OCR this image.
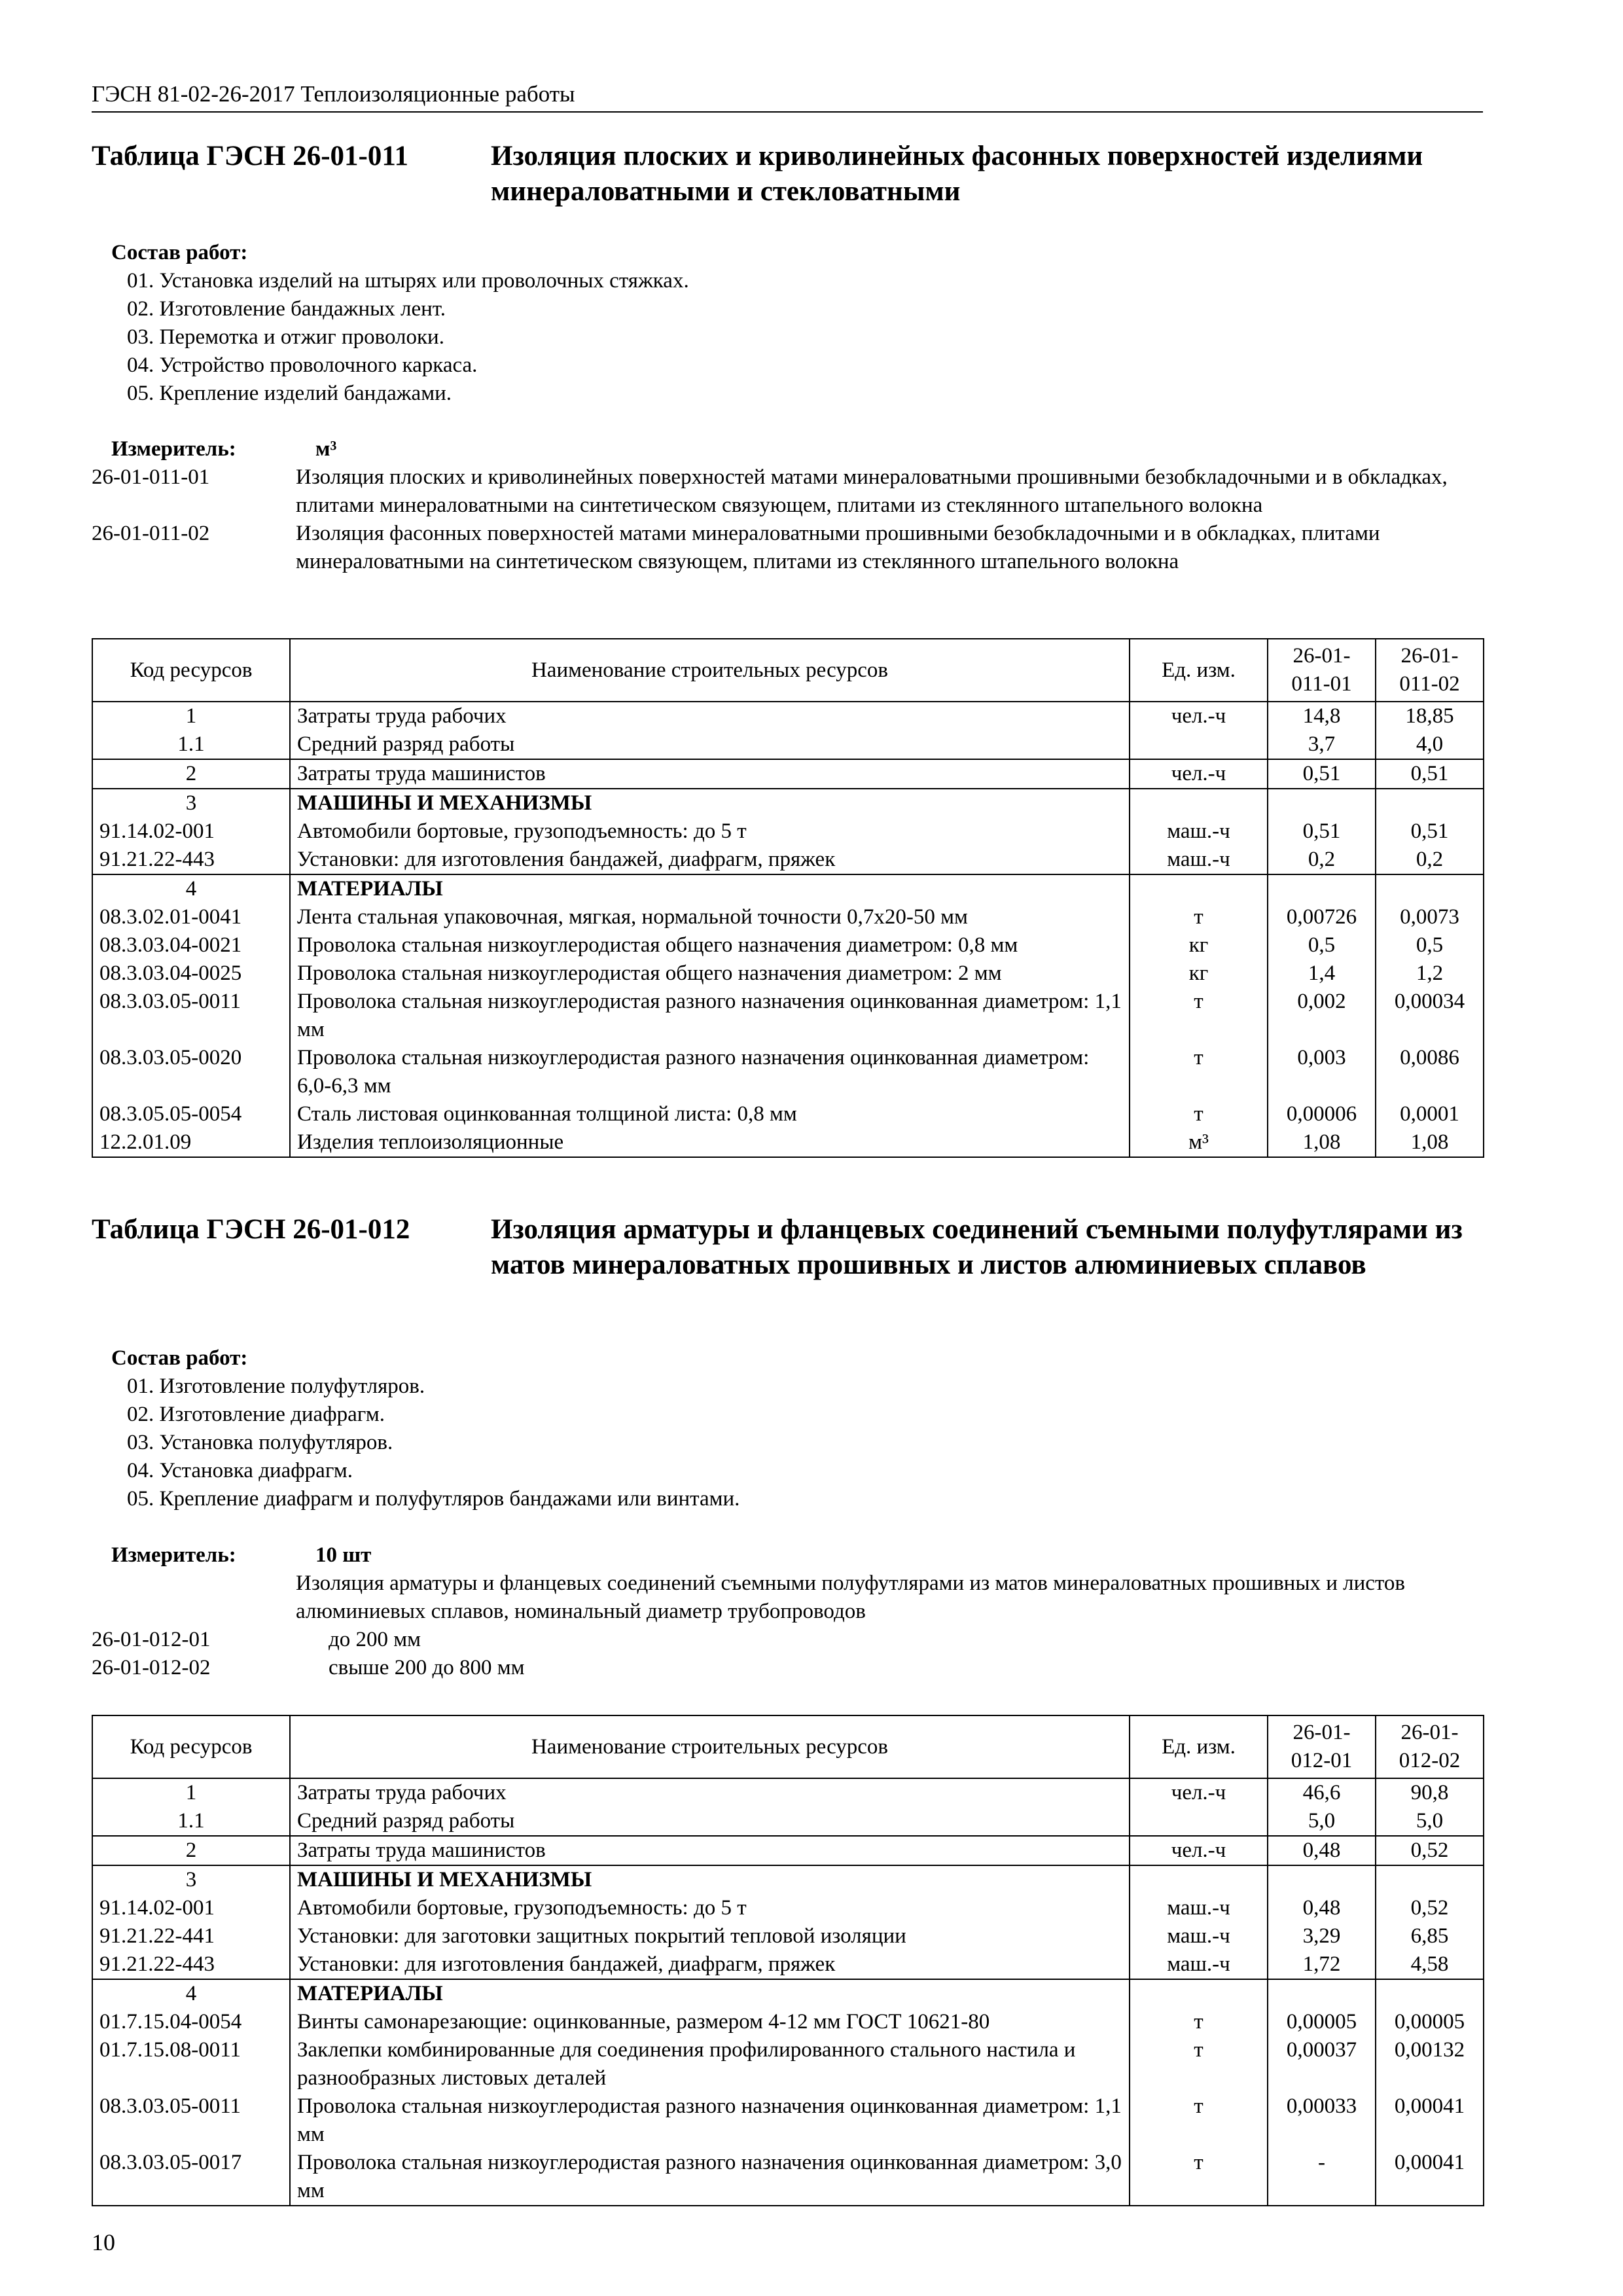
ГЭСН 81-02-26-2017 Теплоизоляционные работы
Таблица ГЭСН 26-01-011	Изоляция плоских и криволинейных фасонных поверхностей изделиями минераловатными и стекловатными
Состав работ:
01. Установка изделий на штырях или проволочных стяжках.
02. Изготовление бандажных лент.
03. Перемотка и отжиг проволоки.
04. Устройство проволочного каркаса.
05. Крепление изделий бандажами.
Измеритель:	м³
26-01-011-01	Изоляция плоских и криволинейных поверхностей матами минераловатными прошивными безобкладочными и в обкладках, плитами минераловатными на синтетическом связующем, плитами из стеклянного штапельного волокна
26-01-011-02	Изоляция фасонных поверхностей матами минераловатными прошивными безобкладочными и в обкладках, плитами минераловатными на синтетическом связующем, плитами из стеклянного штапельного волокна
Код ресурсов	Наименование строительных ресурсов	Ед. изм.	26-01-011-01	26-01-011-02
1	Затраты труда рабочих	чел.-ч	14,8	18,85
1.1	Средний разряд работы		3,7	4,0
2	Затраты труда машинистов	чел.-ч	0,51	0,51
3	МАШИНЫ И МЕХАНИЗМЫ			
91.14.02-001	Автомобили бортовые, грузоподъемность: до 5 т	маш.-ч	0,51	0,51
91.21.22-443	Установки: для изготовления бандажей, диафрагм, пряжек	маш.-ч	0,2	0,2
4	МАТЕРИАЛЫ			
08.3.02.01-0041	Лента стальная упаковочная, мягкая, нормальной точности 0,7х20-50 мм	т	0,00726	0,0073
08.3.03.04-0021	Проволока стальная низкоуглеродистая общего назначения диаметром: 0,8 мм	кг	0,5	0,5
08.3.03.04-0025	Проволока стальная низкоуглеродистая общего назначения диаметром: 2 мм	кг	1,4	1,2
08.3.03.05-0011	Проволока стальная низкоуглеродистая разного назначения оцинкованная диаметром: 1,1 мм	т	0,002	0,00034
08.3.03.05-0020	Проволока стальная низкоуглеродистая разного назначения оцинкованная диаметром: 6,0-6,3 мм	т	0,003	0,0086
08.3.05.05-0054	Сталь листовая оцинкованная толщиной листа: 0,8 мм	т	0,00006	0,0001
12.2.01.09	Изделия теплоизоляционные	м³	1,08	1,08
Таблица ГЭСН 26-01-012	Изоляция арматуры и фланцевых соединений съемными полуфутлярами из матов минераловатных прошивных и листов алюминиевых сплавов
Состав работ:
01. Изготовление полуфутляров.
02. Изготовление диафрагм.
03. Установка полуфутляров.
04. Установка диафрагм.
05. Крепление диафрагм и полуфутляров бандажами или винтами.
Измеритель:	10 шт
Изоляция арматуры и фланцевых соединений съемными полуфутлярами из матов минераловатных прошивных и листов алюминиевых сплавов, номинальный диаметр трубопроводов
26-01-012-01	до 200 мм
26-01-012-02	свыше 200 до 800 мм
Код ресурсов	Наименование строительных ресурсов	Ед. изм.	26-01-012-01	26-01-012-02
1	Затраты труда рабочих	чел.-ч	46,6	90,8
1.1	Средний разряд работы		5,0	5,0
2	Затраты труда машинистов	чел.-ч	0,48	0,52
3	МАШИНЫ И МЕХАНИЗМЫ			
91.14.02-001	Автомобили бортовые, грузоподъемность: до 5 т	маш.-ч	0,48	0,52
91.21.22-441	Установки: для заготовки защитных покрытий тепловой изоляции	маш.-ч	3,29	6,85
91.21.22-443	Установки: для изготовления бандажей, диафрагм, пряжек	маш.-ч	1,72	4,58
4	МАТЕРИАЛЫ			
01.7.15.04-0054	Винты самонарезающие: оцинкованные, размером 4-12 мм ГОСТ 10621-80	т	0,00005	0,00005
01.7.15.08-0011	Заклепки комбинированные для соединения профилированного стального настила и разнообразных листовых деталей	т	0,00037	0,00132
08.3.03.05-0011	Проволока стальная низкоуглеродистая разного назначения оцинкованная диаметром: 1,1 мм	т	0,00033	0,00041
08.3.03.05-0017	Проволока стальная низкоуглеродистая разного назначения оцинкованная диаметром: 3,0 мм	т	-	0,00041
10
